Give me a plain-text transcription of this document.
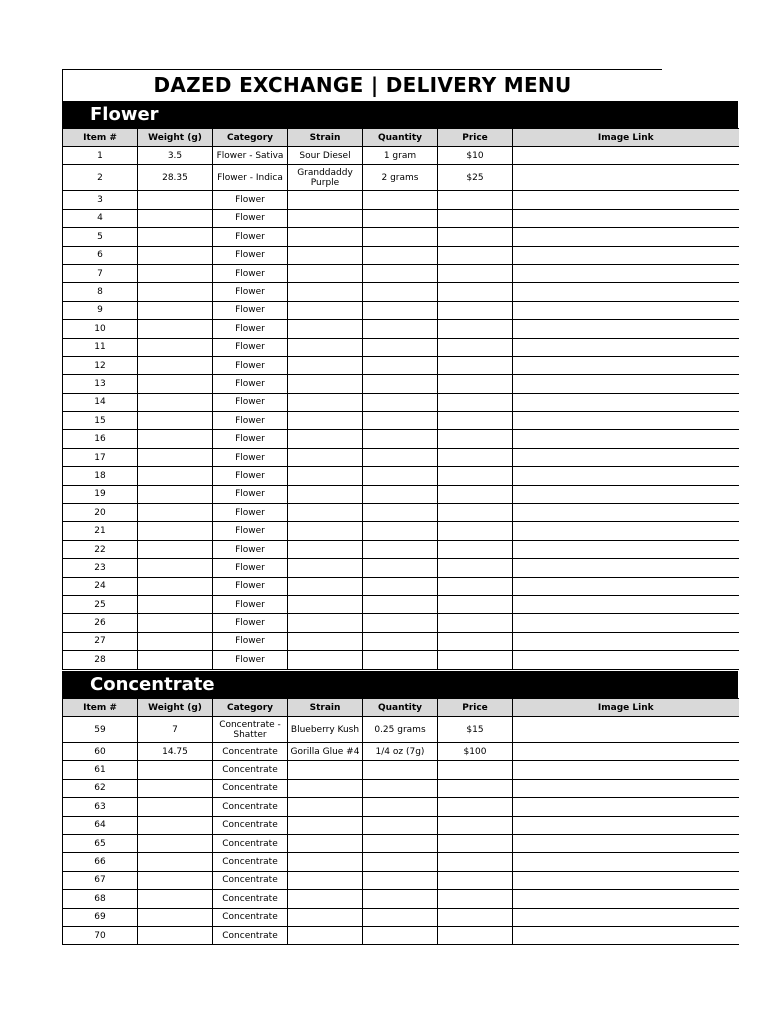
DAZED EXCHANGE | DELIVERY MENU
Flower
Item #	Weight (g)	Category	Strain	Quantity	Price	Image Link
1	3.5	Flower - Sativa	Sour Diesel	1 gram	$10	
2	28.35	Flower - Indica	Granddaddy Purple	2 grams	$25	
3		Flower				
4		Flower				
5		Flower				
6		Flower				
7		Flower				
8		Flower				
9		Flower				
10		Flower				
11		Flower				
12		Flower				
13		Flower				
14		Flower				
15		Flower				
16		Flower				
17		Flower				
18		Flower				
19		Flower				
20		Flower				
21		Flower				
22		Flower				
23		Flower				
24		Flower				
25		Flower				
26		Flower				
27		Flower				
28		Flower				
Concentrate
Item #	Weight (g)	Category	Strain	Quantity	Price	Image Link
59	7	Concentrate - Shatter	Blueberry Kush	0.25 grams	$15	
60	14.75	Concentrate	Gorilla Glue #4	1/4 oz (7g)	$100	
61		Concentrate				
62		Concentrate				
63		Concentrate				
64		Concentrate				
65		Concentrate				
66		Concentrate				
67		Concentrate				
68		Concentrate				
69		Concentrate				
70		Concentrate				
